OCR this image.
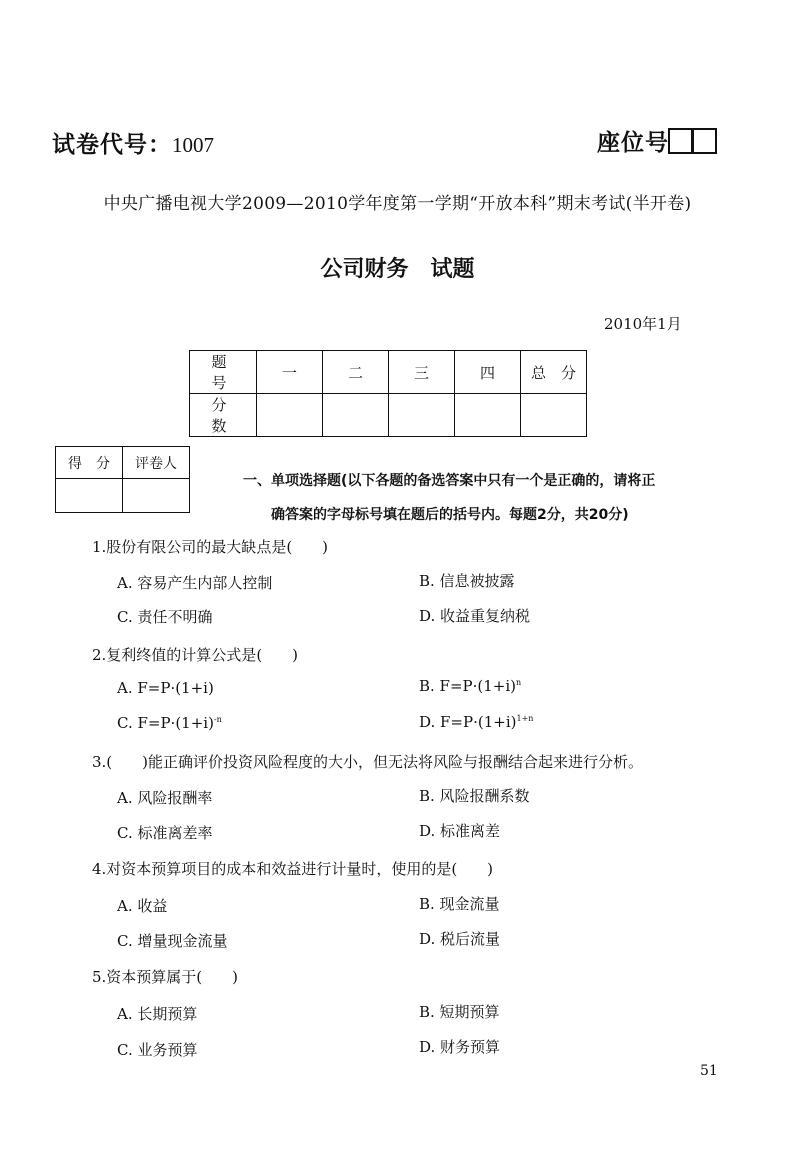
试卷代号：1007	座位号
中央广播电视大学2009—2010学年度第一学期“开放本科”期末考试(半开卷)
公司财务　试题
2010年1月
题　号	一	二	三	四	总　分
分　数					
得　分	评卷人

一、单项选择题(以下各题的备选答案中只有一个是正确的，请将正
确答案的字母标号填在题后的括号内。每题2分，共20分)
1.股份有限公司的最大缺点是(　　)
A. 容易产生内部人控制	B. 信息被披露
C. 责任不明确	D. 收益重复纳税
2.复利终值的计算公式是(　　)
A. F=P·(1+i)	B. $F=P\cdot(1+i)^n$
C. $F=P\cdot(1+i)^{-n}$	D. $F=P\cdot(1+i)^{1+n}$
3.(　　)能正确评价投资风险程度的大小，但无法将风险与报酬结合起来进行分析。
A. 风险报酬率	B. 风险报酬系数
C. 标准离差率	D. 标准离差
4.对资本预算项目的成本和效益进行计量时，使用的是(　　)
A. 收益	B. 现金流量
C. 增量现金流量	D. 税后流量
5.资本预算属于(　　)
A. 长期预算	B. 短期预算
C. 业务预算	D. 财务预算
51
